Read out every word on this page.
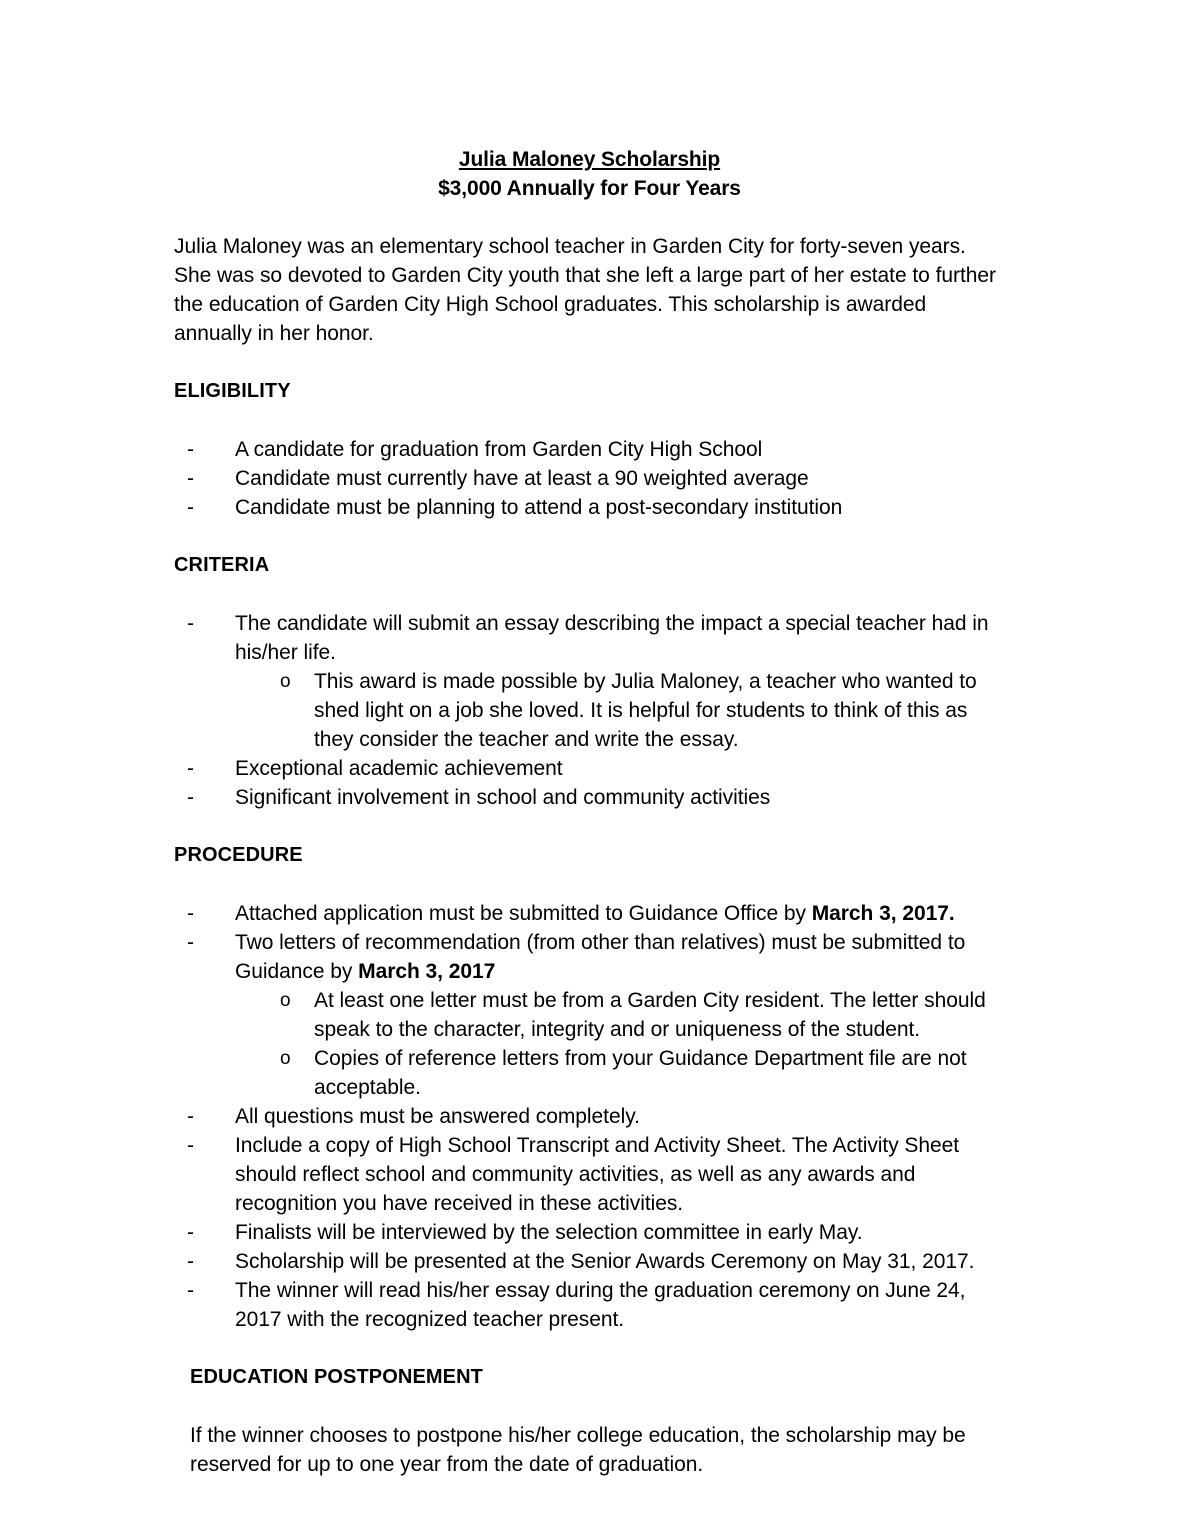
Julia Maloney Scholarship
$3,000 Annually for Four Years

Julia Maloney was an elementary school teacher in Garden City for forty-seven years. She was so devoted to Garden City youth that she left a large part of her estate to further the education of Garden City High School graduates. This scholarship is awarded annually in her honor.

ELIGIBILITY
-	A candidate for graduation from Garden City High School
-	Candidate must currently have at least a 90 weighted average
-	Candidate must be planning to attend a post-secondary institution
CRITERIA
-	The candidate will submit an essay describing the impact a special teacher had in his/her life.
o	This award is made possible by Julia Maloney, a teacher who wanted to shed light on a job she loved. It is helpful for students to think of this as they consider the teacher and write the essay.
-	Exceptional academic achievement
-	Significant involvement in school and community activities
PROCEDURE
-	Attached application must be submitted to Guidance Office by March 3, 2017.
-	Two letters of recommendation (from other than relatives) must be submitted to Guidance by March 3, 2017
o	At least one letter must be from a Garden City resident. The letter should speak to the character, integrity and or uniqueness of the student.
o	Copies of reference letters from your Guidance Department file are not acceptable.
-	All questions must be answered completely.
-	Include a copy of High School Transcript and Activity Sheet. The Activity Sheet should reflect school and community activities, as well as any awards and recognition you have received in these activities.
-	Finalists will be interviewed by the selection committee in early May.
-	Scholarship will be presented at the Senior Awards Ceremony on May 31, 2017.
-	The winner will read his/her essay during the graduation ceremony on June 24, 2017 with the recognized teacher present.
EDUCATION POSTPONEMENT

If the winner chooses to postpone his/her college education, the scholarship may be reserved for up to one year from the date of graduation.
